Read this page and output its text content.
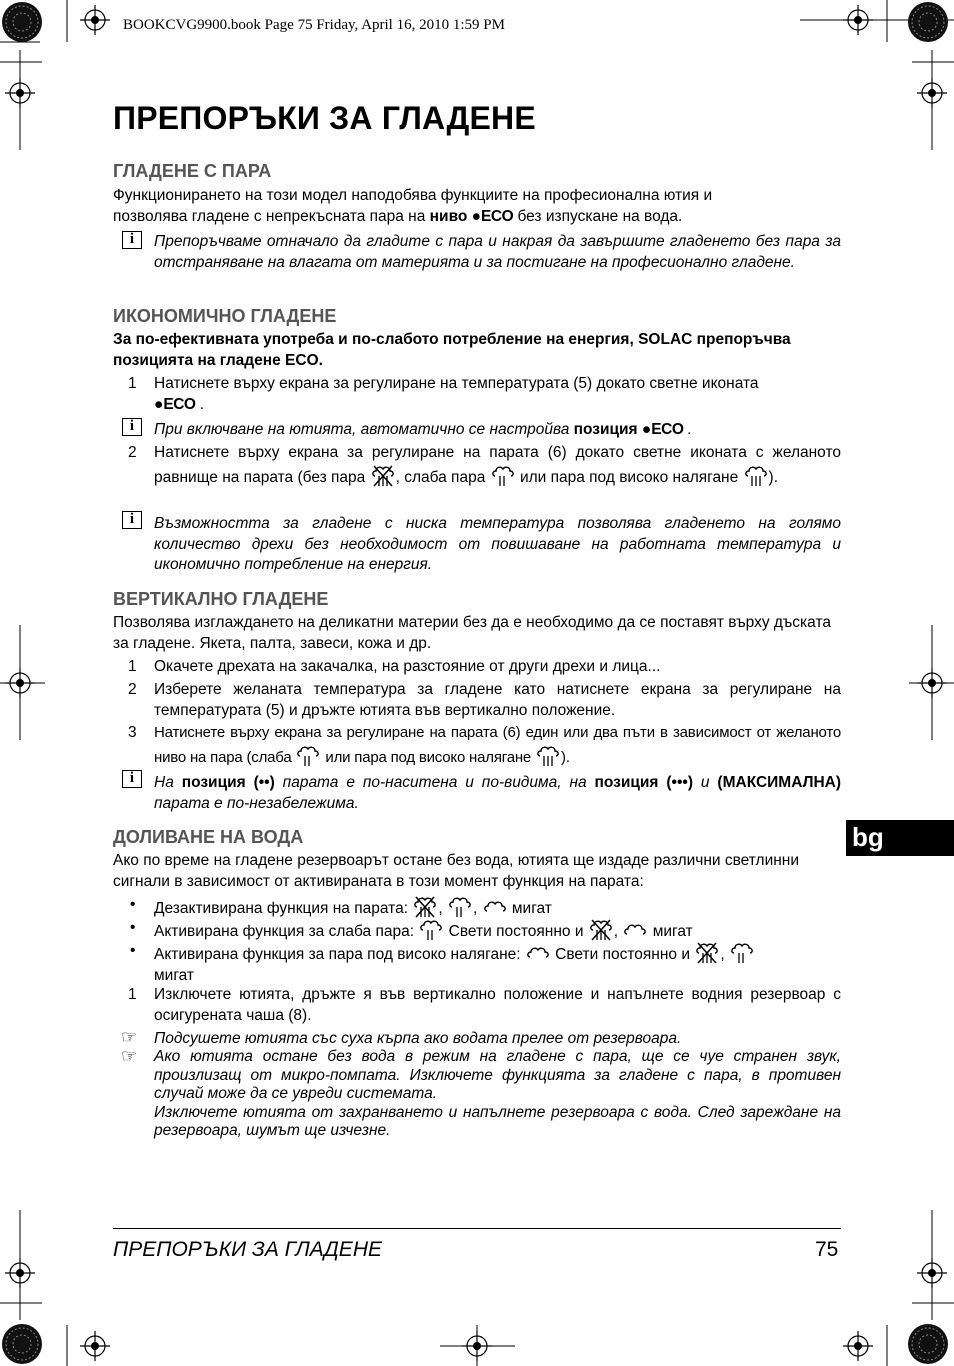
BOOKCVG9900.book Page 75 Friday, April 16, 2010 1:59 PM
ПРЕПОРЪКИ ЗА ГЛАДЕНЕ
ГЛАДЕНЕ С ПАРА

Функционирането на този модел наподобява функциите на професионална ютия и
позволява гладене с непрекъсната пара на ниво ●ECO без изпускане на вода.

i	Препоръчваме отначало да гладите с пара и накрая да завършите гладенето без пара за отстраняване на влагата от материята и за постигане на професионално гладене.
ИКОНОМИЧНО ГЛАДЕНЕ

За по-ефективната употреба и по-слабото потребление на енергия, SOLAC препоръчва позицията на гладене ECO.

1 Натиснете върху екрана за регулиране на температурата (5) докато светне иконата
●ECO .
i	При включване на ютията, автоматично се настройва позиция ●ECO .
2 Натиснете върху екрана за регулиране на парата (6) докато светне иконата с желаното равнище на парата (без пара , слаба пара  или пара под високо налягане ).
i	Възможността за гладене с ниска температура позволява гладенето на голямо количество дрехи без необходимост от повишаване на работната температура и икономично потребление на енергия.
ВЕРТИКАЛНО ГЛАДЕНЕ

Позволява изглаждането на деликатни материи без да е необходимо да се поставят върху дъската за гладене. Якета, палта, завеси, кожа и др.

1 Окачете дрехата на закачалка, на разстояние от други дрехи и лица...
2 Изберете желаната температура за гладене като натиснете екрана за регулиране на температурата (5) и дръжте ютията във вертикално положение.
3 Натиснете върху екрана за регулиране на парата (6) един или два пъти в зависимост от желаното ниво на пара (слаба  или пара под високо налягане ).
i	На позиция (••) парата е по-наситена и по-видима, на позиция (•••) и (МАКСИМАЛНА) парата е по-незабележима.
ДОЛИВАНЕ НА ВОДА

Ако по време на гладене резервоарът остане без вода, ютията ще издаде различни светлинни сигнали в зависимост от активираната в този момент функция на парата:

• Дезактивирана функция на парата: , ,  мигат
• Активирана функция за слаба пара:  Свети постоянно и ,  мигат
• Активирана функция за пара под високо налягане:  Свети постоянно и ,
мигат
1 Изключете ютията, дръжте я във вертикално положение и напълнете водния резервоар с осигурената чаша (8).
☞ Подсушете ютията със суха кърпа ако водата прелее от резервоара.
☞ Ако ютията остане без вода в режим на гладене с пара, ще се чуе странен звук, произлизащ от микро-помпата. Изключете функцията за гладене с пара, в противен случай може да се увреди системата.
Изключете ютията от захранването и напълнете резервоара с вода. След зареждане на резервоара, шумът ще изчезне.
bg
ПРЕПОРЪКИ ЗА ГЛАДЕНЕ	75
